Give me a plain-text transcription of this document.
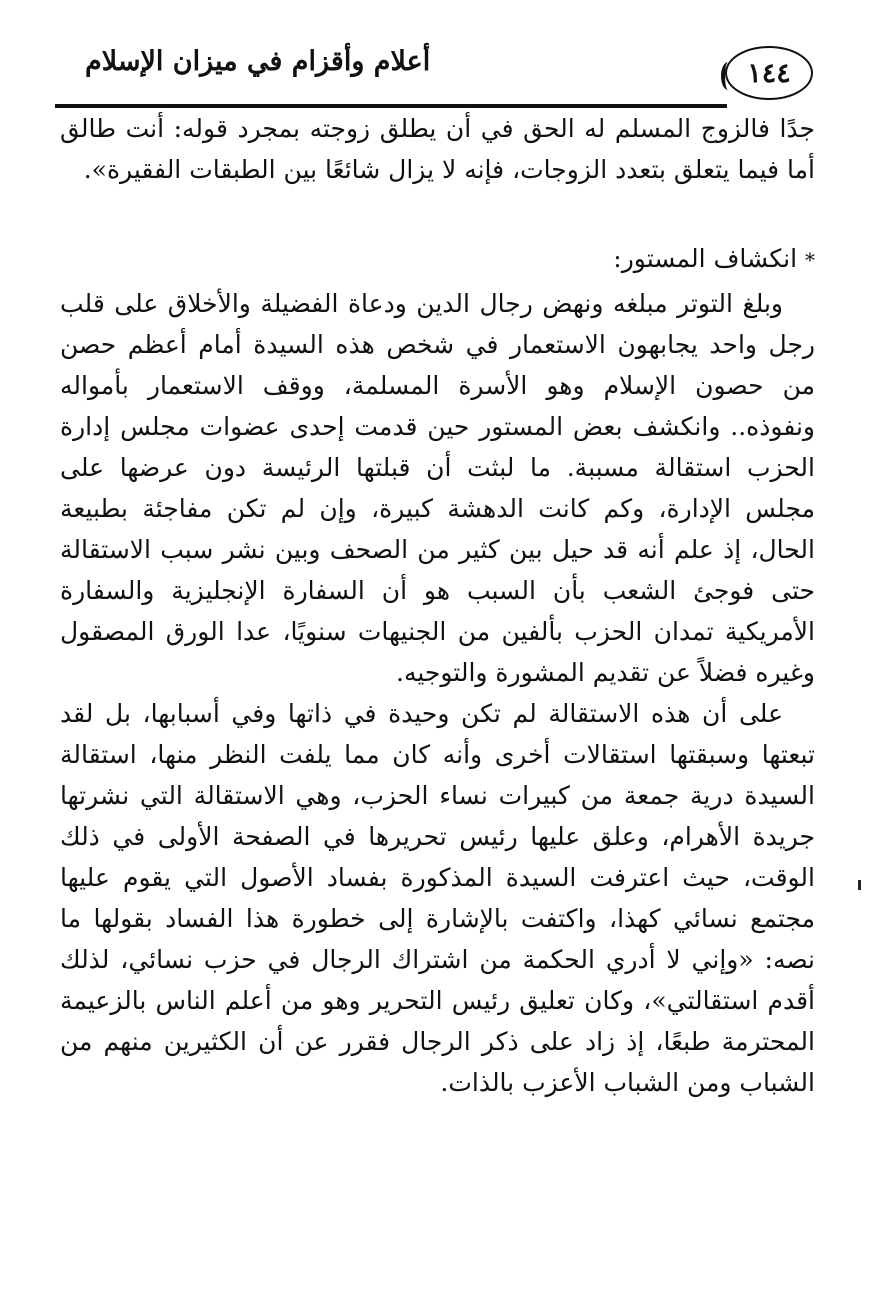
أعلام وأقزام في ميزان الإسلام	١٤٤

جدًا فالزوج المسلم له الحق في أن يطلق زوجته بمجرد قوله: أنت طالق أما فيما يتعلق بتعدد الزوجات، فإنه لا يزال شائعًا بين الطبقات الفقيرة».

* انكشاف المستور:

وبلغ التوتر مبلغه ونهض رجال الدين ودعاة الفضيلة والأخلاق على قلب رجل واحد يجابهون الاستعمار في شخص هذه السيدة أمام أعظم حصن من حصون الإسلام وهو الأسرة المسلمة، ووقف الاستعمار بأمواله ونفوذه.. وانكشف بعض المستور حين قدمت إحدى عضوات مجلس إدارة الحزب استقالة مسببة. ما لبثت أن قبلتها الرئيسة دون عرضها على مجلس الإدارة، وكم كانت الدهشة كبيرة، وإن لم تكن مفاجئة بطبيعة الحال، إذ علم أنه قد حيل بين كثير من الصحف وبين نشر سبب الاستقالة حتى فوجئ الشعب بأن السبب هو أن السفارة الإنجليزية والسفارة الأمريكية تمدان الحزب بألفين من الجنيهات سنويًا، عدا الورق المصقول وغيره فضلاً عن تقديم المشورة والتوجيه.

على أن هذه الاستقالة لم تكن وحيدة في ذاتها وفي أسبابها، بل لقد تبعتها وسبقتها استقالات أخرى وأنه كان مما يلفت النظر منها، استقالة السيدة درية جمعة من كبيرات نساء الحزب، وهي الاستقالة التي نشرتها جريدة الأهرام، وعلق عليها رئيس تحريرها في الصفحة الأولى في ذلك الوقت، حيث اعترفت السيدة المذكورة بفساد الأصول التي يقوم عليها مجتمع نسائي كهذا، واكتفت بالإشارة إلى خطورة هذا الفساد بقولها ما نصه: «وإني لا أدري الحكمة من اشتراك الرجال في حزب نسائي، لذلك أقدم استقالتي»، وكان تعليق رئيس التحرير وهو من أعلم الناس بالزعيمة المحترمة طبعًا، إذ زاد على ذكر الرجال فقرر عن أن الكثيرين منهم من الشباب ومن الشباب الأعزب بالذات.
